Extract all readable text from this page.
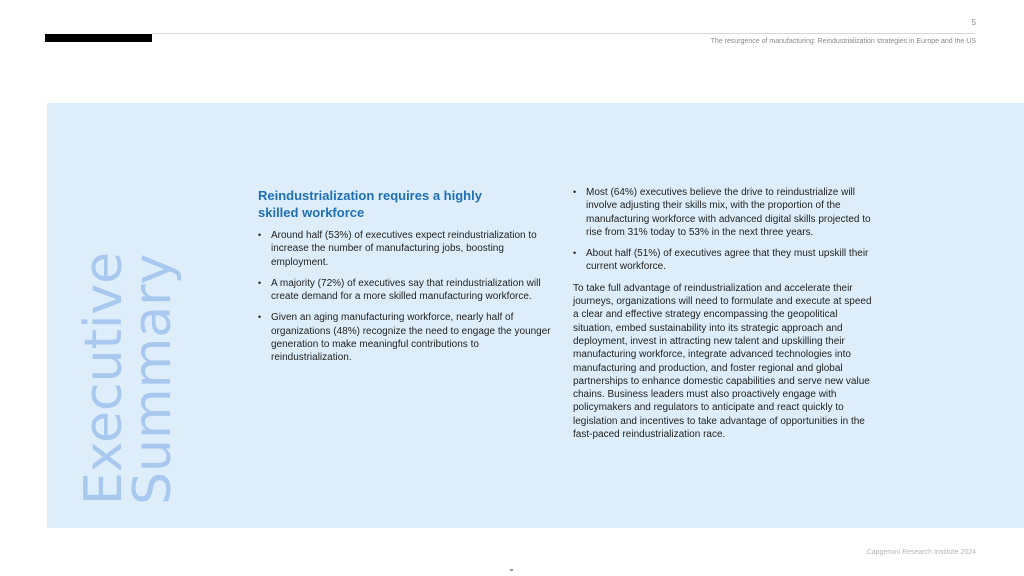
5
The resurgence of manufacturing: Reindustrialization strategies in Europe and the US
Executive
Summary
Reindustrialization requires a highly skilled workforce
• Around half (53%) of executives expect reindustrialization to increase the number of manufacturing jobs, boosting employment.
• A majority (72%) of executives say that reindustrialization will create demand for a more skilled manufacturing workforce.
• Given an aging manufacturing workforce, nearly half of organizations (48%) recognize the need to engage the younger generation to make meaningful contributions to reindustrialization.
• Most (64%) executives believe the drive to reindustrialize will involve adjusting their skills mix, with the proportion of the manufacturing workforce with advanced digital skills projected to rise from 31% today to 53% in the next three years.
• About half (51%) of executives agree that they must upskill their current workforce.

To take full advantage of reindustrialization and accelerate their journeys, organizations will need to formulate and execute at speed a clear and effective strategy encompassing the geopolitical situation, embed sustainability into its strategic approach and deployment, invest in attracting new talent and upskilling their manufacturing workforce, integrate advanced technologies into manufacturing and production, and foster regional and global partnerships to enhance domestic capabilities and serve new value chains. Business leaders must also proactively engage with policymakers and regulators to anticipate and react quickly to legislation and incentives to take advantage of opportunities in the fast-paced reindustrialization race.

Capgemini Research Institute 2024
